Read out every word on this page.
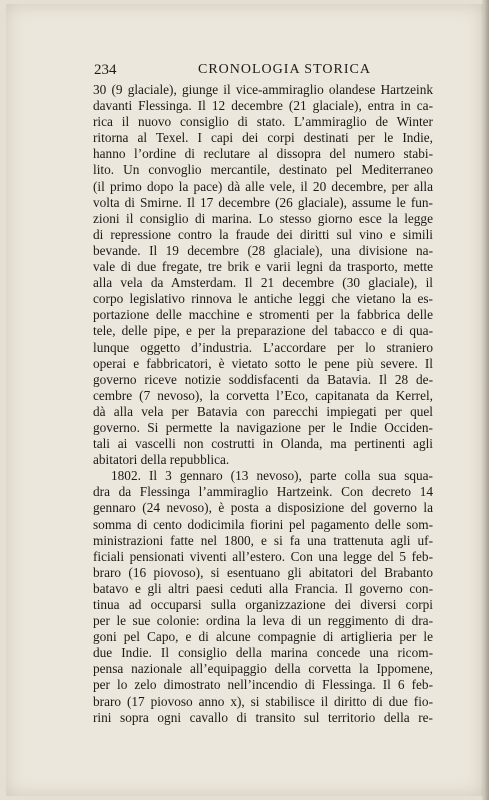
234	CRONOLOGIA STORICA
30 (9 glaciale), giunge il vice-ammiraglio olandese Hartzeink
davanti Flessinga. Il 12 decembre (21 glaciale), entra in ca-
rica il nuovo consiglio di stato. L’ammiraglio de Winter
ritorna al Texel. I capi dei corpi destinati per le Indie,
hanno l’ordine di reclutare al dissopra del numero stabi-
lito. Un convoglio mercantile, destinato pel Mediterraneo
(il primo dopo la pace) dà alle vele, il 20 decembre, per alla
volta di Smirne. Il 17 decembre (26 glaciale), assume le fun-
zioni il consiglio di marina. Lo stesso giorno esce la legge
di repressione contro la fraude dei diritti sul vino e simili
bevande. Il 19 decembre (28 glaciale), una divisione na-
vale di due fregate, tre brik e varii legni da trasporto, mette
alla vela da Amsterdam. Il 21 decembre (30 glaciale), il
corpo legislativo rinnova le antiche leggi che vietano la es-
portazione delle macchine e stromenti per la fabbrica delle
tele, delle pipe, e per la preparazione del tabacco e di qua-
lunque oggetto d’industria. L’accordare per lo straniero
operai e fabbricatori, è vietato sotto le pene più severe. Il
governo riceve notizie soddisfacenti da Batavia. Il 28 de-
cembre (7 nevoso), la corvetta l’Eco, capitanata da Kerrel,
dà alla vela per Batavia con parecchi impiegati per quel
governo. Si permette la navigazione per le Indie Occiden-
tali ai vascelli non costrutti in Olanda, ma pertinenti agli
abitatori della repubblica.
1802. Il 3 gennaro (13 nevoso), parte colla sua squa-
dra da Flessinga l’ammiraglio Hartzeink. Con decreto 14
gennaro (24 nevoso), è posta a disposizione del governo la
somma di cento dodicimila fiorini pel pagamento delle som-
ministrazioni fatte nel 1800, e si fa una trattenuta agli uf-
ficiali pensionati viventi all’estero. Con una legge del 5 feb-
braro (16 piovoso), si esentuano gli abitatori del Brabanto
batavo e gli altri paesi ceduti alla Francia. Il governo con-
tinua ad occuparsi sulla organizzazione dei diversi corpi
per le sue colonie: ordina la leva di un reggimento di dra-
goni pel Capo, e di alcune compagnie di artiglieria per le
due Indie. Il consiglio della marina concede una ricom-
pensa nazionale all’equipaggio della corvetta la Ippomene,
per lo zelo dimostrato nell’incendio di Flessinga. Il 6 feb-
braro (17 piovoso anno x), si stabilisce il diritto di due fio-
rini sopra ogni cavallo di transito sul territorio della re-
